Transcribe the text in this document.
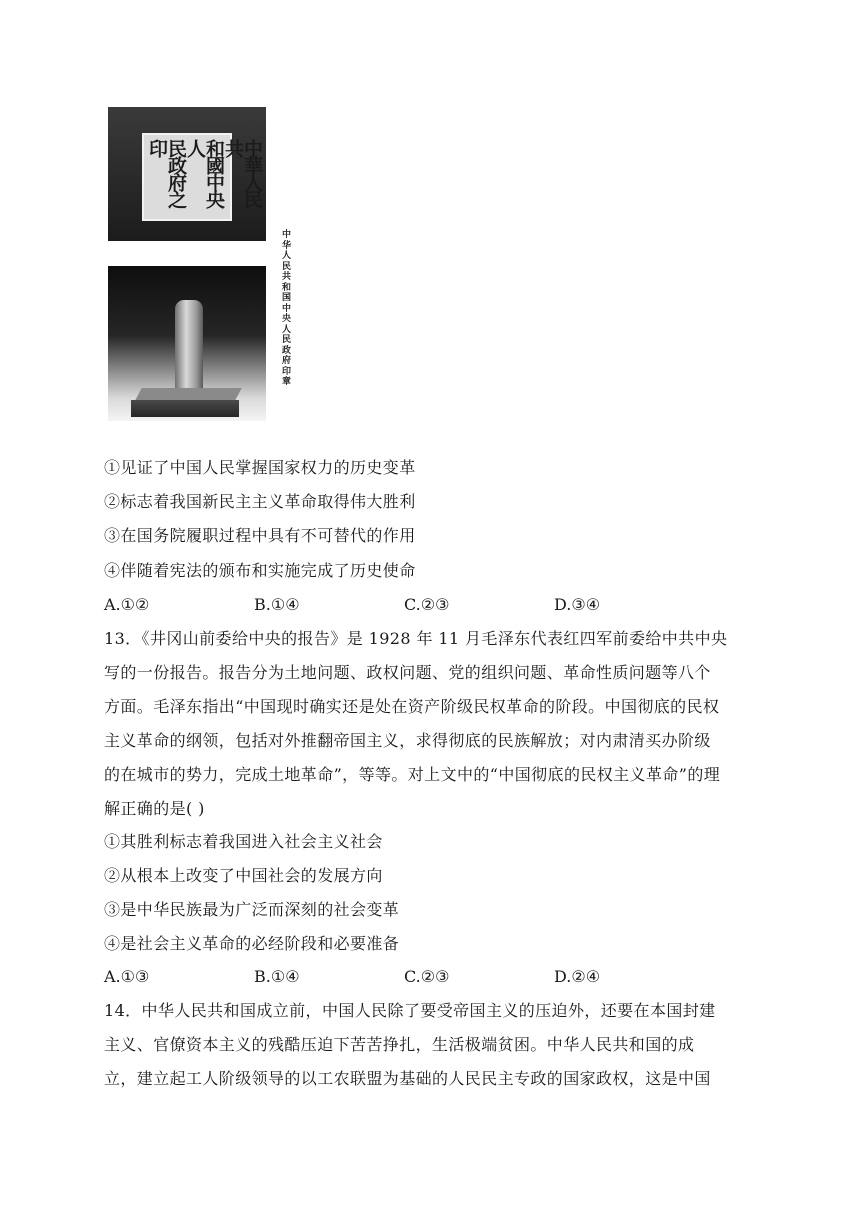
中華人民共
和國中央人
民政府之印
中华人民共和国中央人民政府印章

①见证了中国人民掌握国家权力的历史变革

②标志着我国新民主主义革命取得伟大胜利

③在国务院履职过程中具有不可替代的作用

④伴随着宪法的颁布和实施完成了历史使命

A.①②	B.①④	C.②③	D.③④

13．《井冈山前委给中央的报告》是 1928 年 11 月毛泽东代表红四军前委给中共中央

写的一份报告。报告分为土地问题、政权问题、党的组织问题、革命性质问题等八个

方面。毛泽东指出“中国现时确实还是处在资产阶级民权革命的阶段。中国彻底的民权

主义革命的纲领，包括对外推翻帝国主义，求得彻底的民族解放；对内肃清买办阶级

的在城市的势力，完成土地革命”，等等。对上文中的“中国彻底的民权主义革命”的理

解正确的是( )

①其胜利标志着我国进入社会主义社会

②从根本上改变了中国社会的发展方向

③是中华民族最为广泛而深刻的社会变革

④是社会主义革命的必经阶段和必要准备

A.①③	B.①④	C.②③	D.②④

14．中华人民共和国成立前，中国人民除了要受帝国主义的压迫外，还要在本国封建

主义、官僚资本主义的残酷压迫下苦苦挣扎，生活极端贫困。中华人民共和国的成

立，建立起工人阶级领导的以工农联盟为基础的人民民主专政的国家政权，这是中国
